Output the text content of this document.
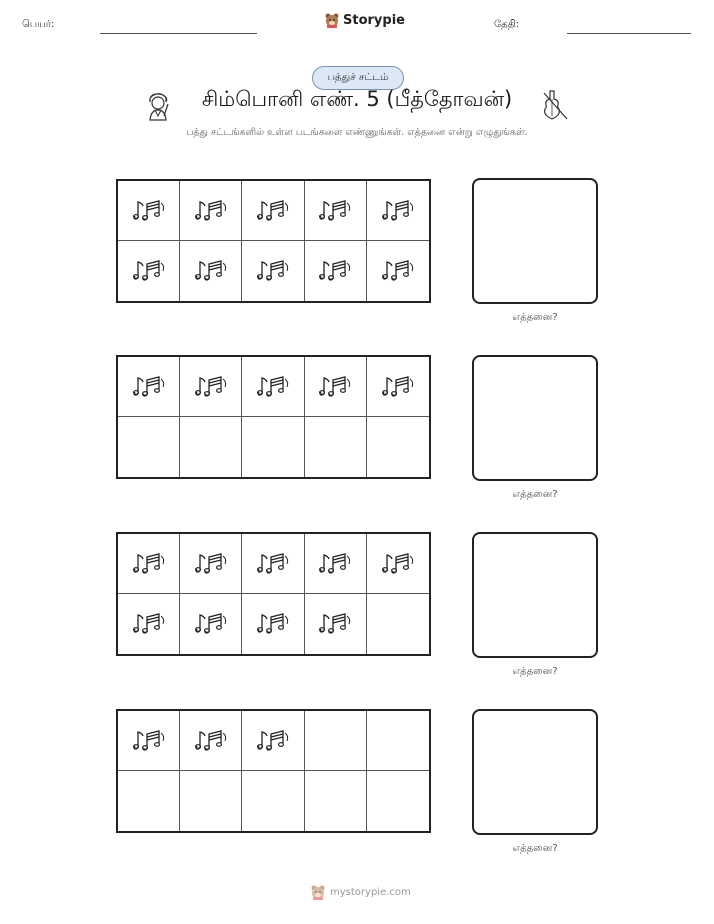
பெயர்:	Storypie	தேதி:
பத்துச் சட்டம்
சிம்பொனி எண். 5 (பீத்தோவன்)
பத்து சட்டங்களில் உள்ள படங்களை எண்ணுங்கள். எத்தனை என்று எழுதுங்கள்.
எத்தனை?
எத்தனை?
எத்தனை?
எத்தனை?
mystorypie.com
